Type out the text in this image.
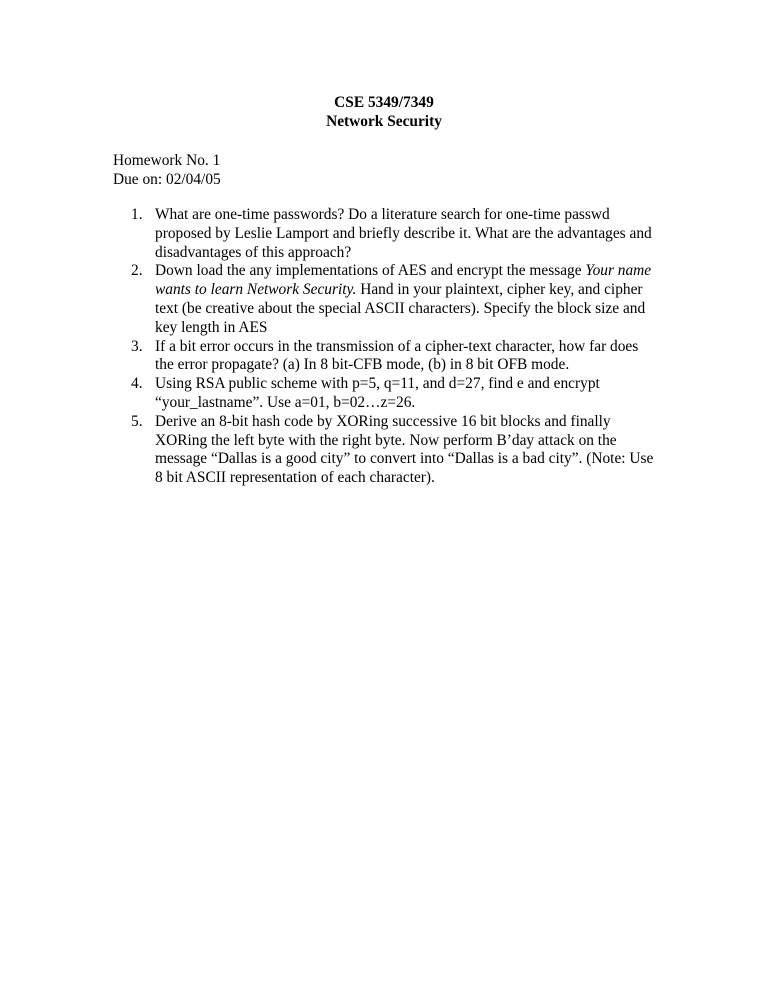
CSE 5349/7349
Network Security
Homework No. 1
Due on: 02/04/05
1. What are one-time passwords? Do a literature search for one-time passwd proposed by Leslie Lamport and briefly describe it. What are the advantages and disadvantages of this approach?
2. Down load the any implementations of AES and encrypt the message Your name wants to learn Network Security. Hand in your plaintext, cipher key, and cipher text (be creative about the special ASCII characters). Specify the block size and key length in AES
3. If a bit error occurs in the transmission of a cipher-text character, how far does the error propagate? (a) In 8 bit-CFB mode, (b) in 8 bit OFB mode.
4. Using RSA public scheme with p=5, q=11, and d=27, find e and encrypt “your_lastname”. Use a=01, b=02…z=26.
5. Derive an 8-bit hash code by XORing successive 16 bit blocks and finally XORing the left byte with the right byte. Now perform B’day attack on the message “Dallas is a good city” to convert into “Dallas is a bad city”. (Note: Use 8 bit ASCII representation of each character).
